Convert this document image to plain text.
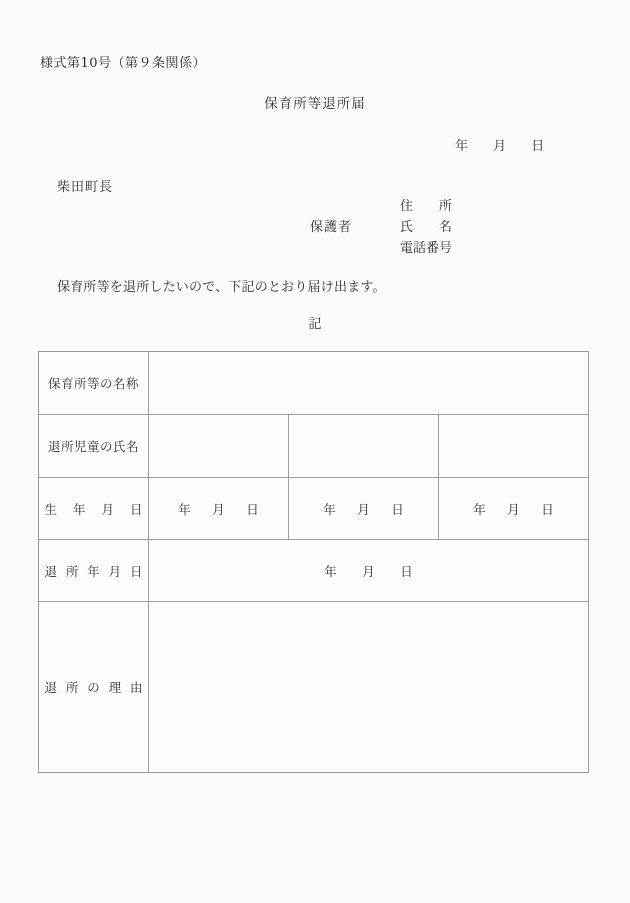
様式第10号（第９条関係）
保育所等退所届
年 月 日
柴田町長
住所
保護者	氏名
電話番号
保育所等を退所したいので、下記のとおり届け出ます。
記
保育所等の名称			
退所児童の氏名			
生年月日	年 月 日	年 月 日	年 月 日
退所年月日	年 月 日		
退所の理由			
